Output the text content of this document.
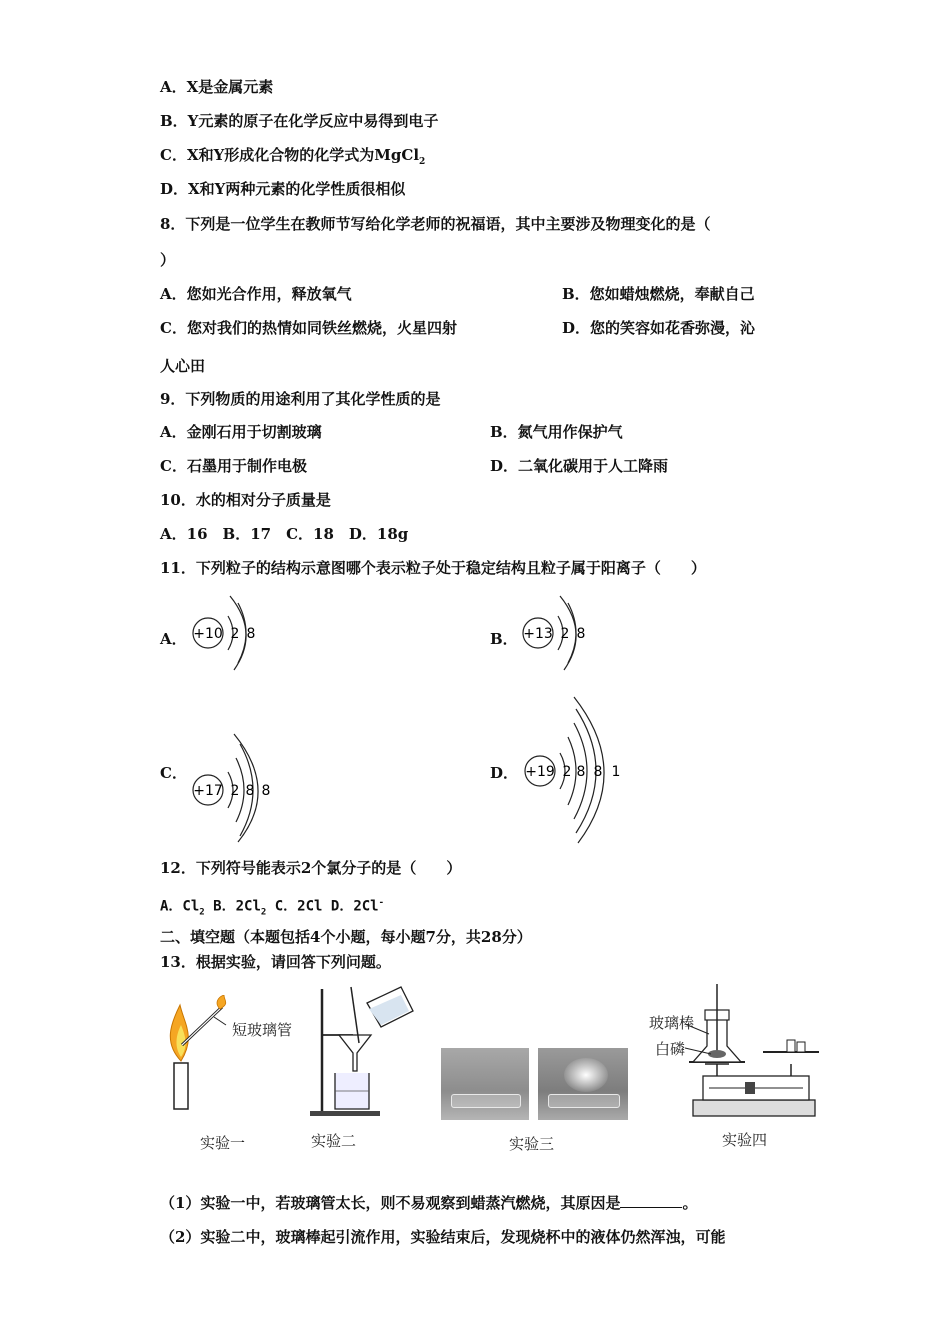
A．X是金属元素
B．Y元素的原子在化学反应中易得到电子
C．X和Y形成化合物的化学式为MgCl$_2$
D．X和Y两种元素的化学性质很相似
8．下列是一位学生在教师节写给化学老师的祝福语，其中主要涉及物理变化的是（
）
A．您如光合作用，释放氧气	B．您如蜡烛燃烧，奉献自己
C．您对我们的热情如同铁丝燃烧，火星四射	D．您的笑容如花香弥漫，沁
人心田
9．下列物质的用途利用了其化学性质的是
A．金刚石用于切割玻璃	B．氮气用作保护气
C．石墨用于制作电极	D．二氧化碳用于人工降雨
10．水的相对分子质量是
A．16　B．17　C．18　D．18g
11．下列粒子的结构示意图哪个表示粒子处于稳定结构且粒子属于阳离子（　　）
A． +10 2 8	B． +13 2 8
C．
+17 2 8 8
D． +19 2 8 8 1
12．下列符号能表示2个氯分子的是（　　）
A．$Cl_2$ B．$2Cl_2$ C．2Cl D．2Cl-
二、填空题（本题包括4个小题，每小题7分，共28分）
13．根据实验，请回答下列问题。
短玻璃管	玻璃棒
白磷
实验一	实验二	实验三	实验四
（1）实验一中，若玻璃管太长，则不易观察到蜡蒸汽燃烧，其原因是	。
（2）实验二中，玻璃棒起引流作用，实验结束后，发现烧杯中的液体仍然浑浊，可能
